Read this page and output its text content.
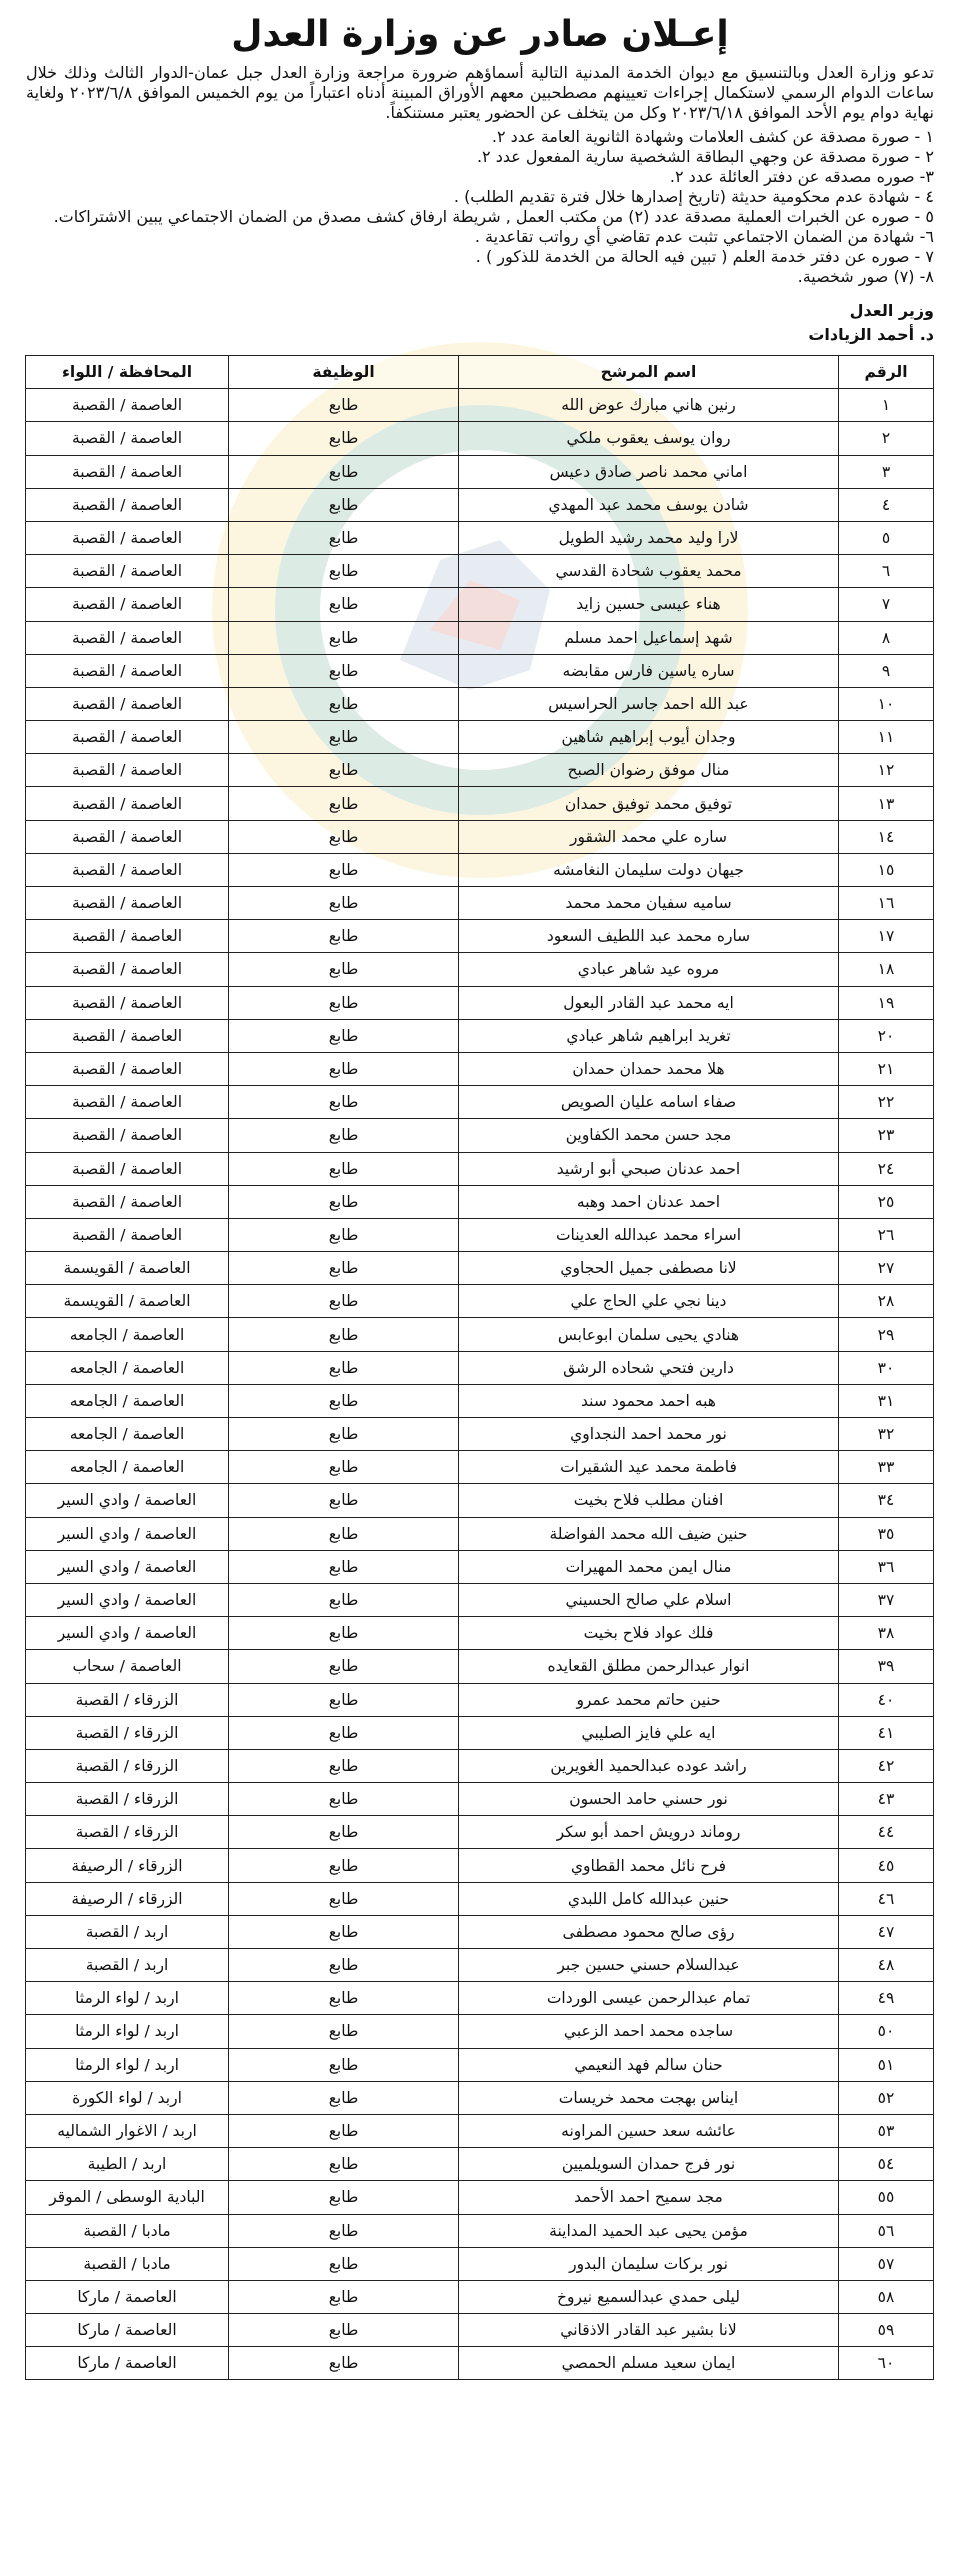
إعـلان صادر عن وزارة العدل

تدعو وزارة العدل وبالتنسيق مع ديوان الخدمة المدنية التالية أسماؤهم ضرورة مراجعة وزارة العدل جبل عمان-الدوار الثالث وذلك خلال ساعات الدوام الرسمي لاستكمال إجراءات تعيينهم مصطحبين معهم الأوراق المبينة أدناه اعتباراً من يوم الخميس الموافق ٢٠٢٣/٦/٨ ولغاية نهاية دوام يوم الأحد الموافق ٢٠٢٣/٦/١٨ وكل من يتخلف عن الحضور يعتبر مستنكفاً.

١ - صورة مصدقة عن كشف العلامات وشهادة الثانوية العامة عدد ٢.
٢ - صورة مصدقة عن وجهي البطاقة الشخصية سارية المفعول عدد ٢.
٣- صوره مصدقه عن دفتر العائلة عدد ٢.
٤ - شهادة عدم محكومية حديثة (تاريخ إصدارها خلال فترة تقديم الطلب) .
٥ - صوره عن الخبرات العملية مصدقة عدد (٢) من مكتب العمل , شريطة ارفاق كشف مصدق من الضمان الاجتماعي يبين الاشتراكات.
٦- شهادة من الضمان الاجتماعي تثبت عدم تقاضي أي رواتب تقاعدية .
٧ - صوره عن دفتر خدمة العلم ( تبين فيه الحالة من الخدمة للذكور ) .
٨- (٧) صور شخصية.
وزير العدل
د. أحمد الزيادات
الرقم	اسم المرشح	الوظيفة	المحافظة / اللواء
١	رنين هاني مبارك عوض الله	طابع	العاصمة / القصبة
٢	روان يوسف يعقوب ملكي	طابع	العاصمة / القصبة
٣	اماني محمد ناصر صادق دعيس	طابع	العاصمة / القصبة
٤	شادن يوسف محمد عبد المهدي	طابع	العاصمة / القصبة
٥	لارا وليد محمد رشيد الطويل	طابع	العاصمة / القصبة
٦	محمد يعقوب شحادة القدسي	طابع	العاصمة / القصبة
٧	هناء عيسى حسين زايد	طابع	العاصمة / القصبة
٨	شهد إسماعيل احمد مسلم	طابع	العاصمة / القصبة
٩	ساره ياسين فارس مقابضه	طابع	العاصمة / القصبة
١٠	عبد الله احمد جاسر الحراسيس	طابع	العاصمة / القصبة
١١	وجدان أيوب إبراهيم شاهين	طابع	العاصمة / القصبة
١٢	منال موفق رضوان الصبح	طابع	العاصمة / القصبة
١٣	توفيق محمد توفيق حمدان	طابع	العاصمة / القصبة
١٤	ساره علي محمد الشقور	طابع	العاصمة / القصبة
١٥	جيهان دولت سليمان النغامشه	طابع	العاصمة / القصبة
١٦	ساميه سفيان محمد محمد	طابع	العاصمة / القصبة
١٧	ساره محمد عبد اللطيف السعود	طابع	العاصمة / القصبة
١٨	مروه عيد شاهر عبادي	طابع	العاصمة / القصبة
١٩	ايه محمد عبد القادر البعول	طابع	العاصمة / القصبة
٢٠	تغريد ابراهيم شاهر عبادي	طابع	العاصمة / القصبة
٢١	هلا محمد حمدان حمدان	طابع	العاصمة / القصبة
٢٢	صفاء اسامه عليان الصويص	طابع	العاصمة / القصبة
٢٣	مجد حسن محمد الكفاوين	طابع	العاصمة / القصبة
٢٤	احمد عدنان صبحي أبو ارشيد	طابع	العاصمة / القصبة
٢٥	احمد عدنان احمد وهبه	طابع	العاصمة / القصبة
٢٦	اسراء محمد عبدالله العدينات	طابع	العاصمة / القصبة
٢٧	لانا مصطفى جميل الحجاوي	طابع	العاصمة / القويسمة
٢٨	دينا نجي علي الحاج علي	طابع	العاصمة / القويسمة
٢٩	هنادي يحيى سلمان ابوعابس	طابع	العاصمة / الجامعه
٣٠	دارين فتحي شحاده الرشق	طابع	العاصمة / الجامعه
٣١	هبه احمد محمود سند	طابع	العاصمة / الجامعه
٣٢	نور محمد احمد النجداوي	طابع	العاصمة / الجامعه
٣٣	فاطمة محمد عيد الشقيرات	طابع	العاصمة / الجامعه
٣٤	افنان مطلب فلاح بخيت	طابع	العاصمة / وادي السير
٣٥	حنين ضيف الله محمد الفواضلة	طابع	العاصمة / وادي السير
٣٦	منال ايمن محمد المهيرات	طابع	العاصمة / وادي السير
٣٧	اسلام علي صالح الحسيني	طابع	العاصمة / وادي السير
٣٨	فلك عواد فلاح بخيت	طابع	العاصمة / وادي السير
٣٩	انوار عبدالرحمن مطلق القعايده	طابع	العاصمة / سحاب
٤٠	حنين حاتم محمد عمرو	طابع	الزرقاء / القصبة
٤١	ايه علي فايز الصليبي	طابع	الزرقاء / القصبة
٤٢	راشد عوده عبدالحميد الغويرين	طابع	الزرقاء / القصبة
٤٣	نور حسني حامد الحسون	طابع	الزرقاء / القصبة
٤٤	روماند درويش احمد أبو سكر	طابع	الزرقاء / القصبة
٤٥	فرح نائل محمد القطاوي	طابع	الزرقاء / الرصيفة
٤٦	حنين عبدالله كامل اللبدي	طابع	الزرقاء / الرصيفة
٤٧	رؤى صالح محمود مصطفى	طابع	اربد / القصبة
٤٨	عبدالسلام حسني حسين جبر	طابع	اربد / القصبة
٤٩	تمام عبدالرحمن عيسى الوردات	طابع	اربد / لواء الرمثا
٥٠	ساجده محمد احمد الزعبي	طابع	اربد / لواء الرمثا
٥١	حنان سالم فهد النعيمي	طابع	اربد / لواء الرمثا
٥٢	ايناس بهجت محمد خريسات	طابع	اربد / لواء الكورة
٥٣	عائشه سعد حسين المراونه	طابع	اربد / الاغوار الشماليه
٥٤	نور فرج حمدان السويلميين	طابع	اربد / الطيبة
٥٥	مجد سميح احمد الأحمد	طابع	البادية الوسطى / الموقر
٥٦	مؤمن يحيى عبد الحميد المداينة	طابع	مادبا / القصبة
٥٧	نور بركات سليمان البدور	طابع	مادبا / القصبة
٥٨	ليلى حمدي عبدالسميع نيروخ	طابع	العاصمة / ماركا
٥٩	لانا بشير عبد القادر الاذقاني	طابع	العاصمة / ماركا
٦٠	ايمان سعيد مسلم الحمصي	طابع	العاصمة / ماركا
